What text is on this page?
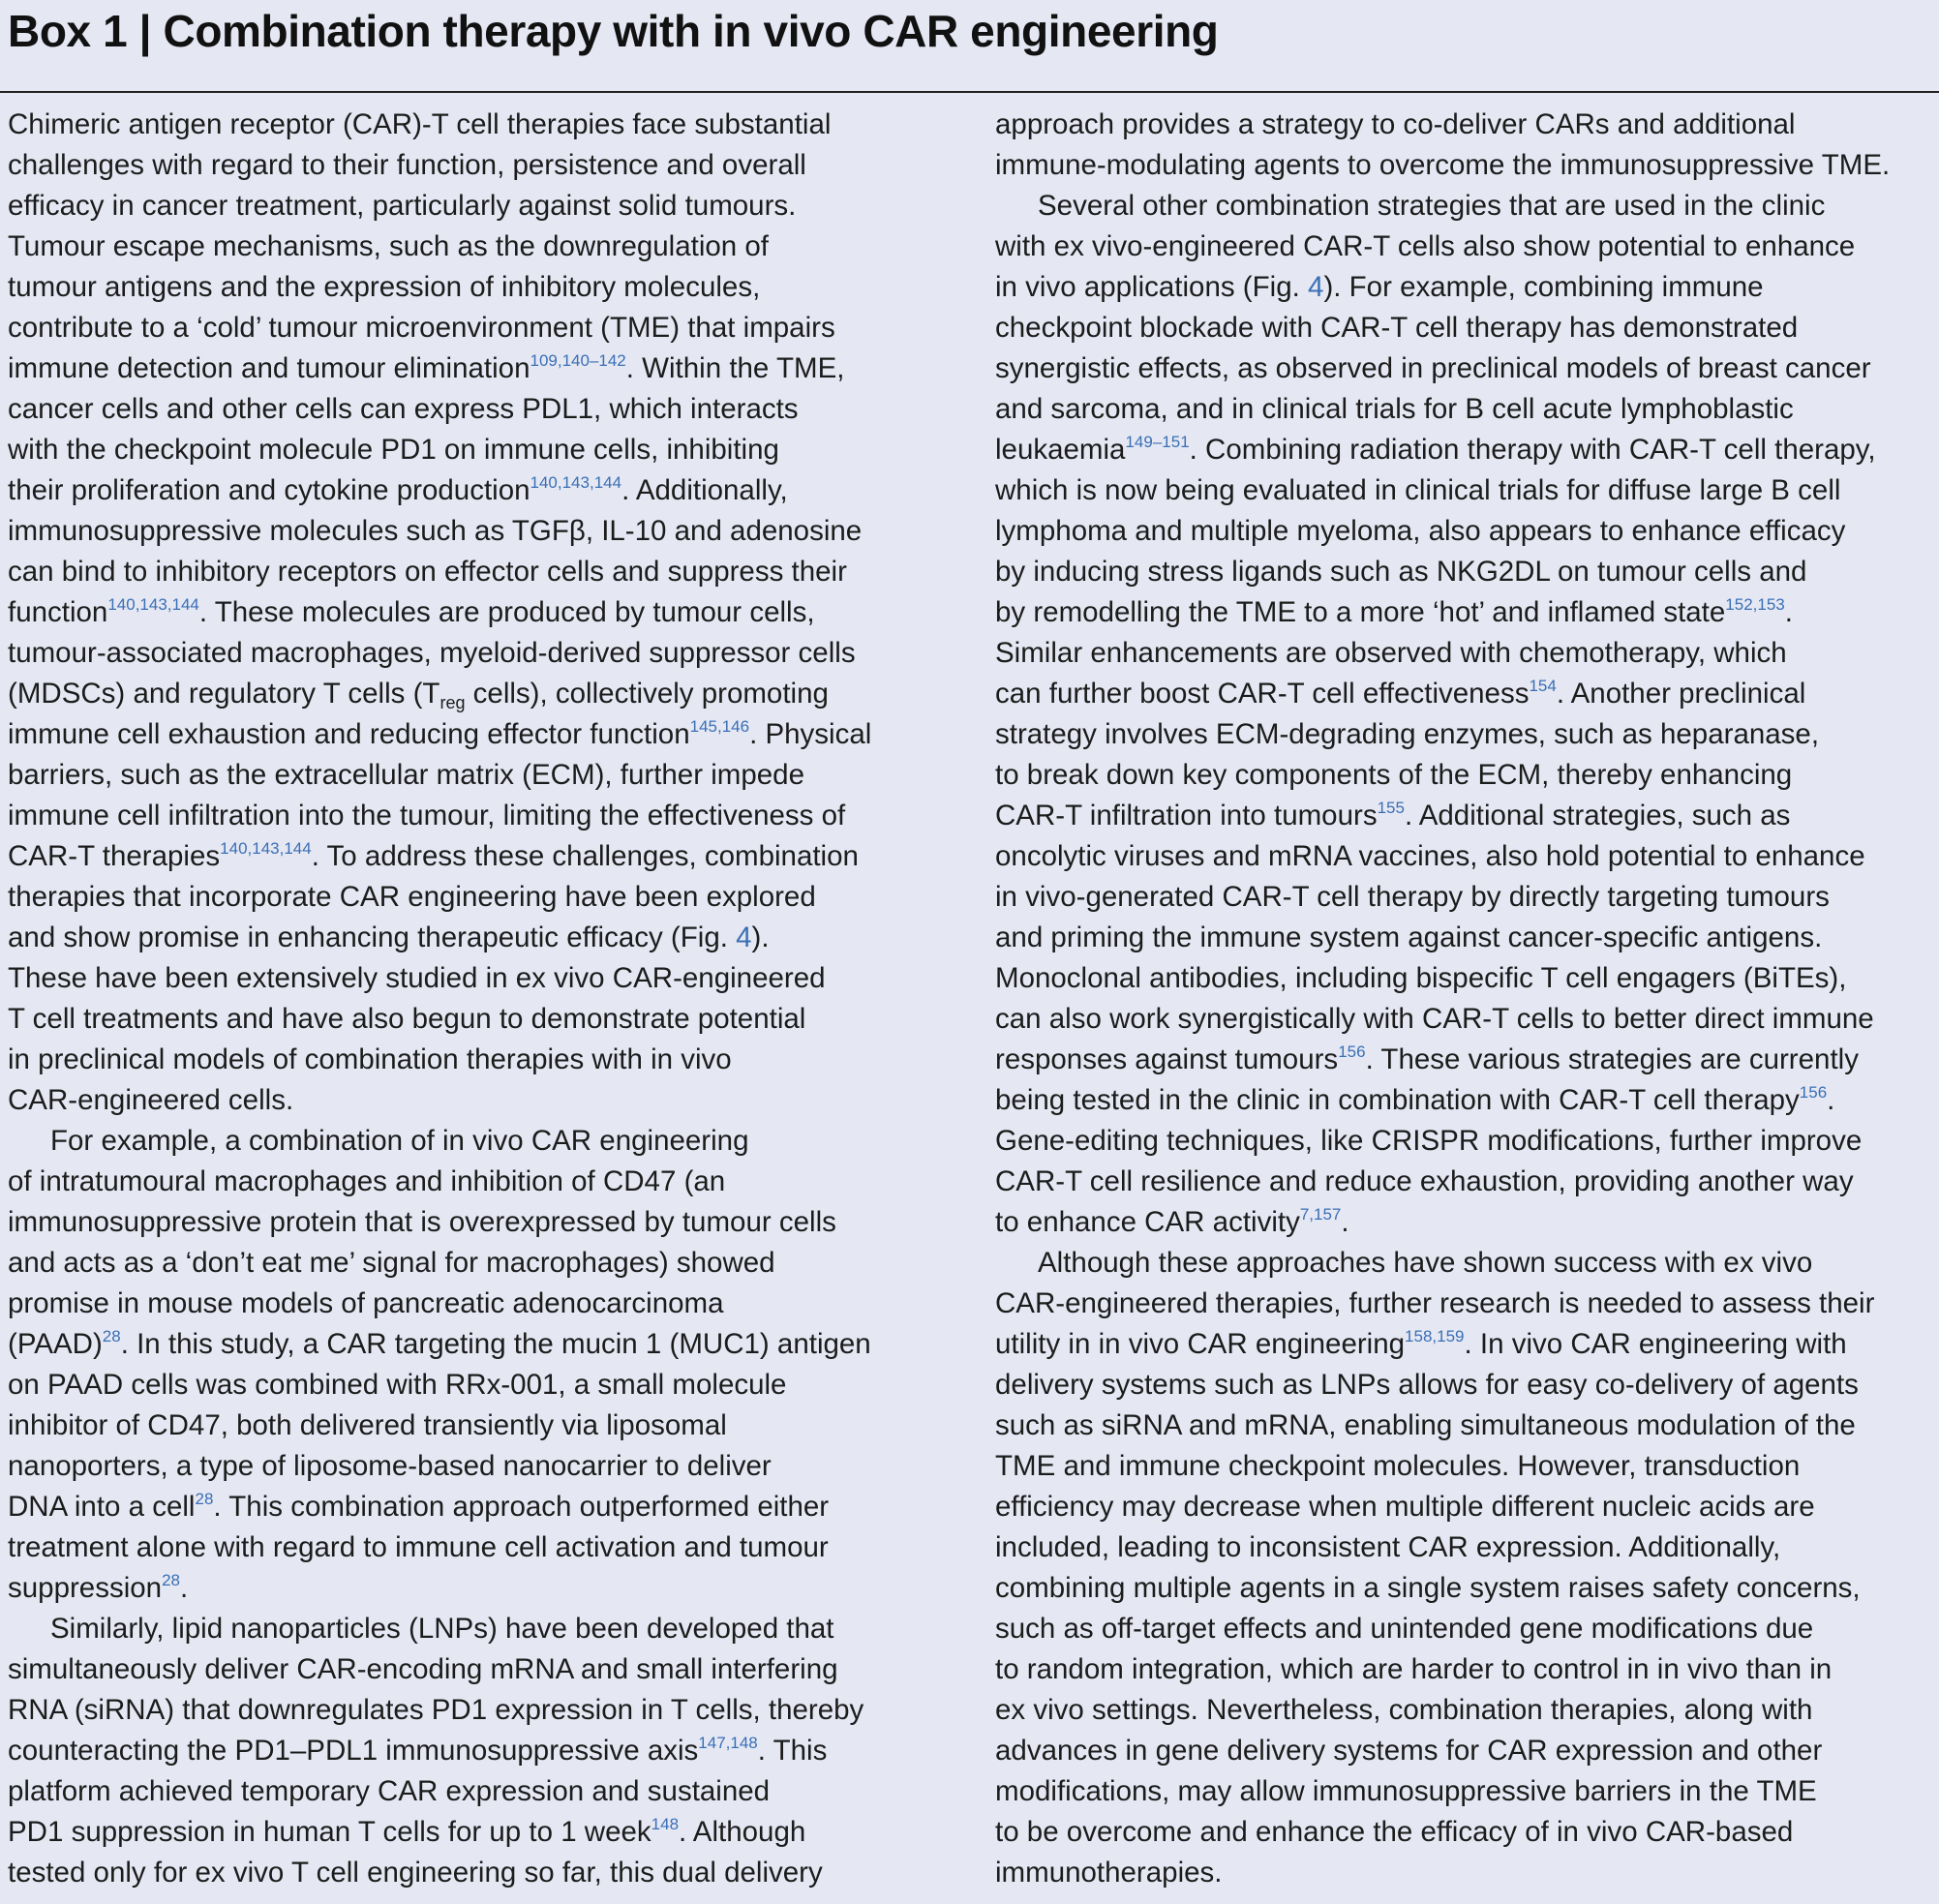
Box 1 | Combination therapy with in vivo CAR engineering
Chimeric antigen receptor (CAR)-T cell therapies face substantial
challenges with regard to their function, persistence and overall
efficacy in cancer treatment, particularly against solid tumours.
Tumour escape mechanisms, such as the downregulation of
tumour antigens and the expression of inhibitory molecules,
contribute to a ‘cold’ tumour microenvironment (TME) that impairs
immune detection and tumour elimination$^{109,140-142}$. Within the TME,
cancer cells and other cells can express PDL1, which interacts
with the checkpoint molecule PD1 on immune cells, inhibiting
their proliferation and cytokine production$^{140,143,144}$. Additionally,
immunosuppressive molecules such as TGFβ, IL-10 and adenosine
can bind to inhibitory receptors on effector cells and suppress their
function$^{140,143,144}$. These molecules are produced by tumour cells,
tumour-associated macrophages, myeloid-derived suppressor cells
(MDSCs) and regulatory T cells ($T_{reg}$ cells), collectively promoting
immune cell exhaustion and reducing effector function$^{145,146}$. Physical
barriers, such as the extracellular matrix (ECM), further impede
immune cell infiltration into the tumour, limiting the effectiveness of
CAR-T therapies$^{140,143,144}$. To address these challenges, combination
therapies that incorporate CAR engineering have been explored
and show promise in enhancing therapeutic efficacy (Fig. 4).
These have been extensively studied in ex vivo CAR-engineered
T cell treatments and have also begun to demonstrate potential
in preclinical models of combination therapies with in vivo
CAR-engineered cells.
For example, a combination of in vivo CAR engineering
of intratumoural macrophages and inhibition of CD47 (an
immunosuppressive protein that is overexpressed by tumour cells
and acts as a ‘don’t eat me’ signal for macrophages) showed
promise in mouse models of pancreatic adenocarcinoma
(PAAD)$^{28}$. In this study, a CAR targeting the mucin 1 (MUC1) antigen
on PAAD cells was combined with RRx-001, a small molecule
inhibitor of CD47, both delivered transiently via liposomal
nanoporters, a type of liposome-based nanocarrier to deliver
DNA into a cell$^{28}$. This combination approach outperformed either
treatment alone with regard to immune cell activation and tumour
suppression$^{28}$.
Similarly, lipid nanoparticles (LNPs) have been developed that
simultaneously deliver CAR-encoding mRNA and small interfering
RNA (siRNA) that downregulates PD1 expression in T cells, thereby
counteracting the PD1–PDL1 immunosuppressive axis$^{147,148}$. This
platform achieved temporary CAR expression and sustained
PD1 suppression in human T cells for up to 1 week$^{148}$. Although
tested only for ex vivo T cell engineering so far, this dual delivery
approach provides a strategy to co-deliver CARs and additional
immune-modulating agents to overcome the immunosuppressive TME.
Several other combination strategies that are used in the clinic
with ex vivo-engineered CAR-T cells also show potential to enhance
in vivo applications (Fig. 4). For example, combining immune
checkpoint blockade with CAR-T cell therapy has demonstrated
synergistic effects, as observed in preclinical models of breast cancer
and sarcoma, and in clinical trials for B cell acute lymphoblastic
leukaemia$^{149-151}$. Combining radiation therapy with CAR-T cell therapy,
which is now being evaluated in clinical trials for diffuse large B cell
lymphoma and multiple myeloma, also appears to enhance efficacy
by inducing stress ligands such as NKG2DL on tumour cells and
by remodelling the TME to a more ‘hot’ and inflamed state$^{152,153}$.
Similar enhancements are observed with chemotherapy, which
can further boost CAR-T cell effectiveness$^{154}$. Another preclinical
strategy involves ECM-degrading enzymes, such as heparanase,
to break down key components of the ECM, thereby enhancing
CAR-T infiltration into tumours$^{155}$. Additional strategies, such as
oncolytic viruses and mRNA vaccines, also hold potential to enhance
in vivo-generated CAR-T cell therapy by directly targeting tumours
and priming the immune system against cancer-specific antigens.
Monoclonal antibodies, including bispecific T cell engagers (BiTEs),
can also work synergistically with CAR-T cells to better direct immune
responses against tumours$^{156}$. These various strategies are currently
being tested in the clinic in combination with CAR-T cell therapy$^{156}$.
Gene-editing techniques, like CRISPR modifications, further improve
CAR-T cell resilience and reduce exhaustion, providing another way
to enhance CAR activity$^{7,157}$.
Although these approaches have shown success with ex vivo
CAR-engineered therapies, further research is needed to assess their
utility in in vivo CAR engineering$^{158,159}$. In vivo CAR engineering with
delivery systems such as LNPs allows for easy co-delivery of agents
such as siRNA and mRNA, enabling simultaneous modulation of the
TME and immune checkpoint molecules. However, transduction
efficiency may decrease when multiple different nucleic acids are
included, leading to inconsistent CAR expression. Additionally,
combining multiple agents in a single system raises safety concerns,
such as off-target effects and unintended gene modifications due
to random integration, which are harder to control in in vivo than in
ex vivo settings. Nevertheless, combination therapies, along with
advances in gene delivery systems for CAR expression and other
modifications, may allow immunosuppressive barriers in the TME
to be overcome and enhance the efficacy of in vivo CAR-based
immunotherapies.
